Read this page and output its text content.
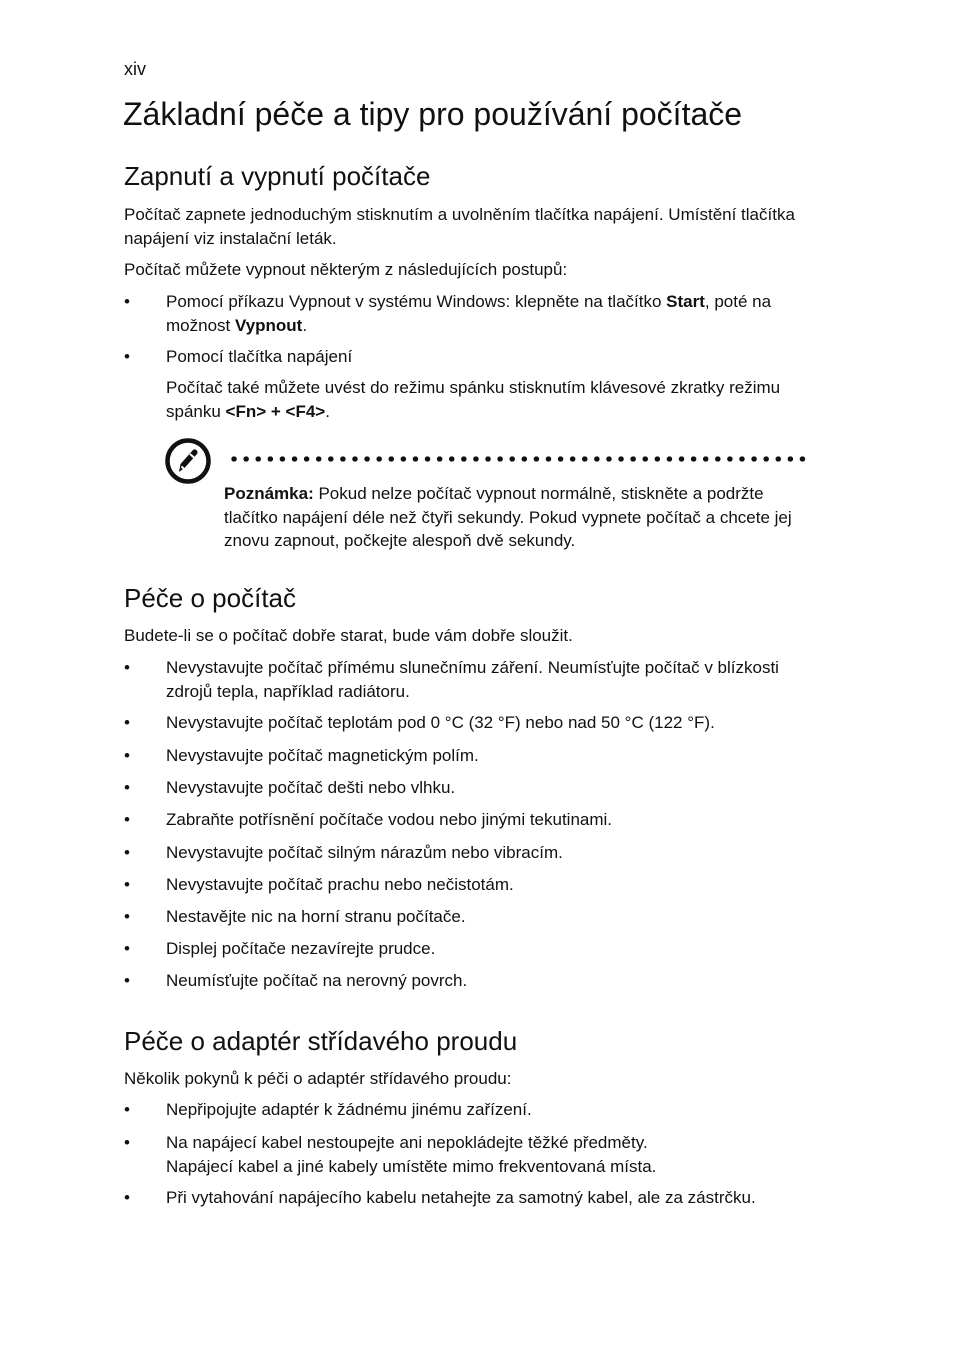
xiv
Základní péče a tipy pro používání počítače
Zapnutí a vypnutí počítače
Počítač zapnete jednoduchým stisknutím a uvolněním tlačítka napájení. Umístění tlačítka napájení viz instalační leták.
Počítač můžete vypnout některým z následujících postupů:
•	Pomocí příkazu Vypnout v systému Windows: klepněte na tlačítko Start, poté na možnost Vypnout.
•	Pomocí tlačítka napájení
Počítač také můžete uvést do režimu spánku stisknutím klávesové zkratky režimu spánku <Fn> + <F4>.
Poznámka: Pokud nelze počítač vypnout normálně, stiskněte a podržte tlačítko napájení déle než čtyři sekundy. Pokud vypnete počítač a chcete jej znovu zapnout, počkejte alespoň dvě sekundy.
Péče o počítač
Budete-li se o počítač dobře starat, bude vám dobře sloužit.
•	Nevystavujte počítač přímému slunečnímu záření. Neumísťujte počítač v blízkosti zdrojů tepla, například radiátoru.
•	Nevystavujte počítač teplotám pod 0 °C (32 °F) nebo nad 50 °C (122 °F).
•	Nevystavujte počítač magnetickým polím.
•	Nevystavujte počítač dešti nebo vlhku.
•	Zabraňte potřísnění počítače vodou nebo jinými tekutinami.
•	Nevystavujte počítač silným nárazům nebo vibracím.
•	Nevystavujte počítač prachu nebo nečistotám.
•	Nestavějte nic na horní stranu počítače.
•	Displej počítače nezavírejte prudce.
•	Neumísťujte počítač na nerovný povrch.
Péče o adaptér střídavého proudu
Několik pokynů k péči o adaptér střídavého proudu:
•	Nepřipojujte adaptér k žádnému jinému zařízení.
•	Na napájecí kabel nestoupejte ani nepokládejte těžké předměty.
Napájecí kabel a jiné kabely umístěte mimo frekventovaná místa.
•	Při vytahování napájecího kabelu netahejte za samotný kabel, ale za zástrčku.
